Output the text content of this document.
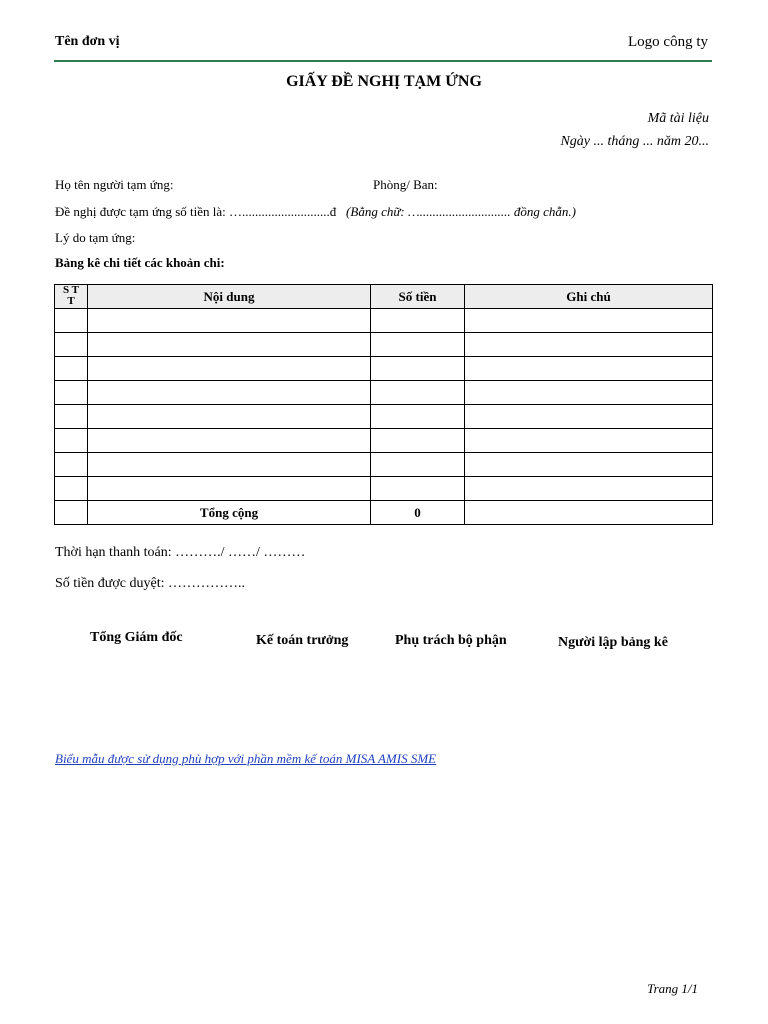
Tên đơn vị	Logo công ty
GIẤY ĐỀ NGHỊ TẠM ỨNG
Mã tài liệu
Ngày ... tháng ... năm 20...
Họ tên người tạm ứng:	Phòng/ Ban:
Đề nghị được tạm ứng số tiền là: …...........................đ (Bằng chữ: …............................ đồng chẵn.)
Lý do tạm ứng:
Bảng kê chi tiết các khoản chi:
S T
T	Nội dung	Số tiền	Ghi chú

	Tổng cộng	0	
Thời hạn thanh toán: ………./ ……/ ………
Số tiền được duyệt: ……………..
Tổng Giám đốc	Kế toán trưởng	Phụ trách bộ phận	Người lập bảng kê
Biểu mẫu được sử dụng phù hợp với phần mềm kế toán MISA AMIS SME
Trang 1/1
